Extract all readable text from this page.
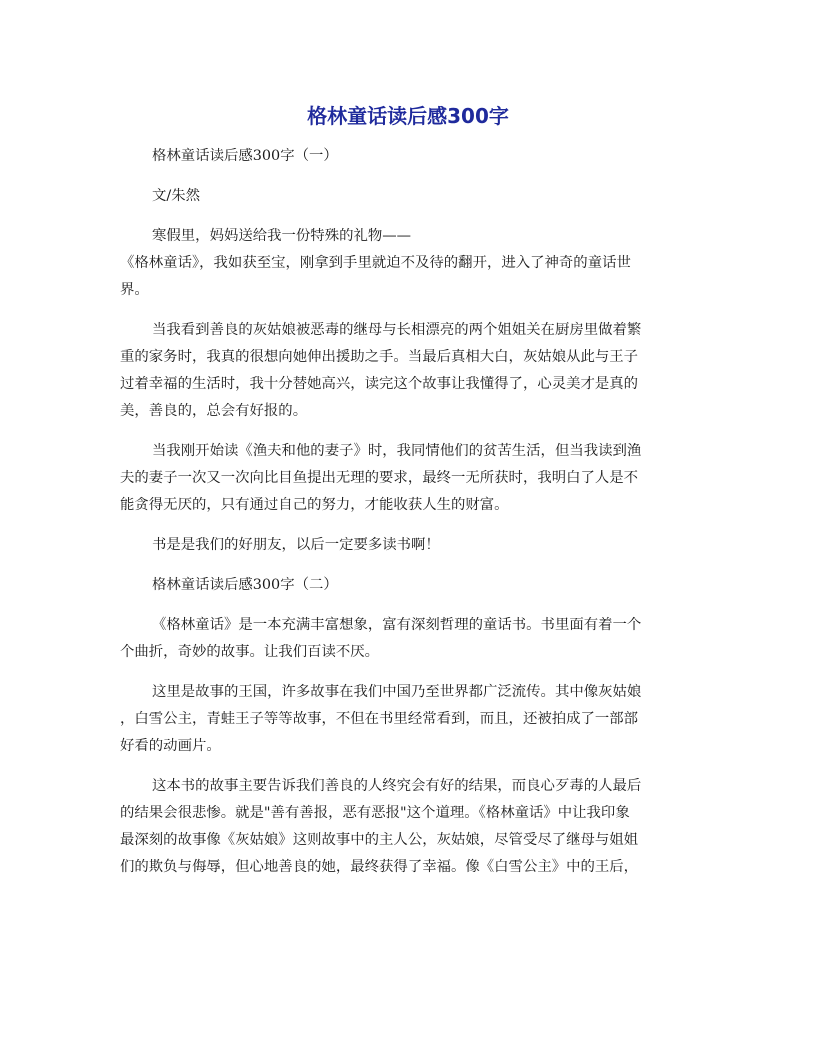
格林童话读后感300字
格林童话读后感300字（一）
文/朱然
寒假里，妈妈送给我一份特殊的礼物——
《格林童话》，我如获至宝，刚拿到手里就迫不及待的翻开，进入了神奇的童话世
界。
当我看到善良的灰姑娘被恶毒的继母与长相漂亮的两个姐姐关在厨房里做着繁
重的家务时，我真的很想向她伸出援助之手。当最后真相大白，灰姑娘从此与王子
过着幸福的生活时，我十分替她高兴，读完这个故事让我懂得了，心灵美才是真的
美，善良的，总会有好报的。
当我刚开始读《渔夫和他的妻子》时，我同情他们的贫苦生活，但当我读到渔
夫的妻子一次又一次向比目鱼提出无理的要求，最终一无所获时，我明白了人是不
能贪得无厌的，只有通过自己的努力，才能收获人生的财富。
书是是我们的好朋友，以后一定要多读书啊！
格林童话读后感300字（二）
《格林童话》是一本充满丰富想象，富有深刻哲理的童话书。书里面有着一个
个曲折，奇妙的故事。让我们百读不厌。
这里是故事的王国，许多故事在我们中国乃至世界都广泛流传。其中像灰姑娘
，白雪公主，青蛙王子等等故事，不但在书里经常看到，而且，还被拍成了一部部
好看的动画片。
这本书的故事主要告诉我们善良的人终究会有好的结果，而良心歹毒的人最后
的结果会很悲惨。就是"善有善报，恶有恶报"这个道理。《格林童话》中让我印象
最深刻的故事像《灰姑娘》这则故事中的主人公，灰姑娘，尽管受尽了继母与姐姐
们的欺负与侮辱，但心地善良的她，最终获得了幸福。像《白雪公主》中的王后，
